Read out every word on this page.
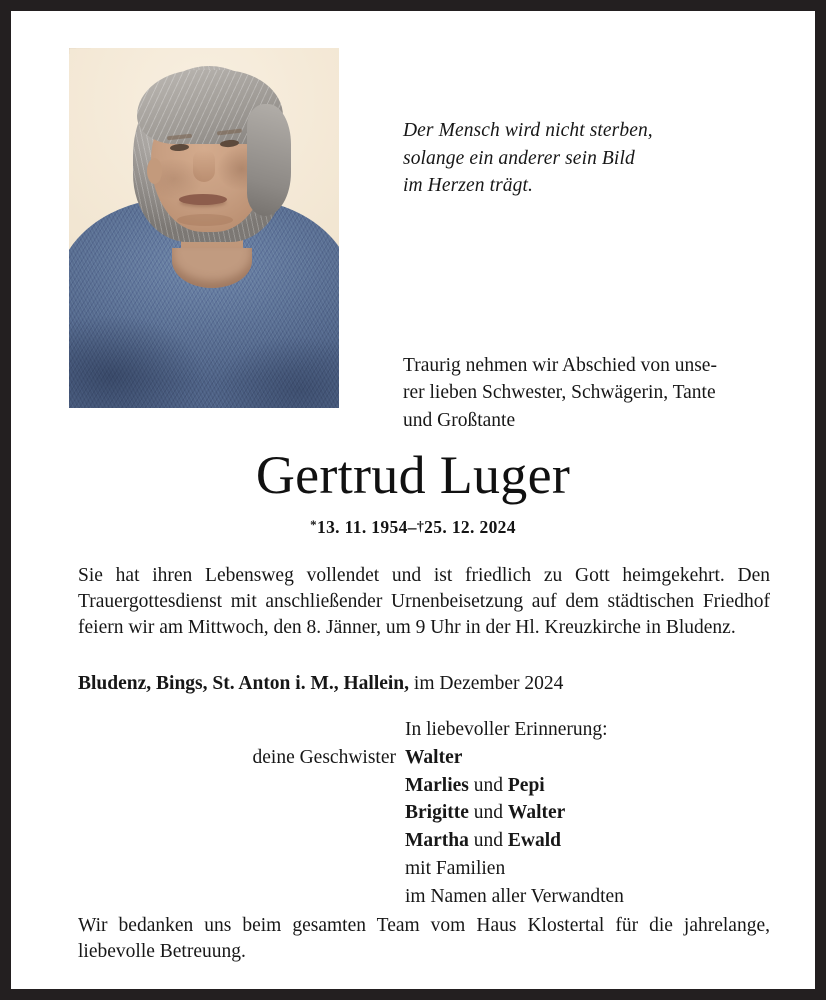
Der Mensch wird nicht sterben,
solange ein anderer sein Bild
im Herzen trägt.
Traurig nehmen wir Abschied von unse-
rer lieben Schwester, Schwägerin, Tante
und Großtante
Gertrud Luger
*13. 11. 1954–†25. 12. 2024
Sie hat ihren Lebensweg vollendet und ist friedlich zu Gott heimgekehrt. Den Trauergottesdienst mit anschließender Urnenbeisetzung auf dem städtischen Friedhof feiern wir am Mittwoch, den 8. Jänner, um 9 Uhr in der Hl. Kreuzkirche in Bludenz.
Bludenz, Bings, St. Anton i. M., Hallein, im Dezember 2024
In liebevoller Erinnerung:
deine Geschwister Walter
Marlies und Pepi
Brigitte und Walter
Martha und Ewald
mit Familien
im Namen aller Verwandten
Wir bedanken uns beim gesamten Team vom Haus Klostertal für die jahrelange, liebevolle Betreuung.
